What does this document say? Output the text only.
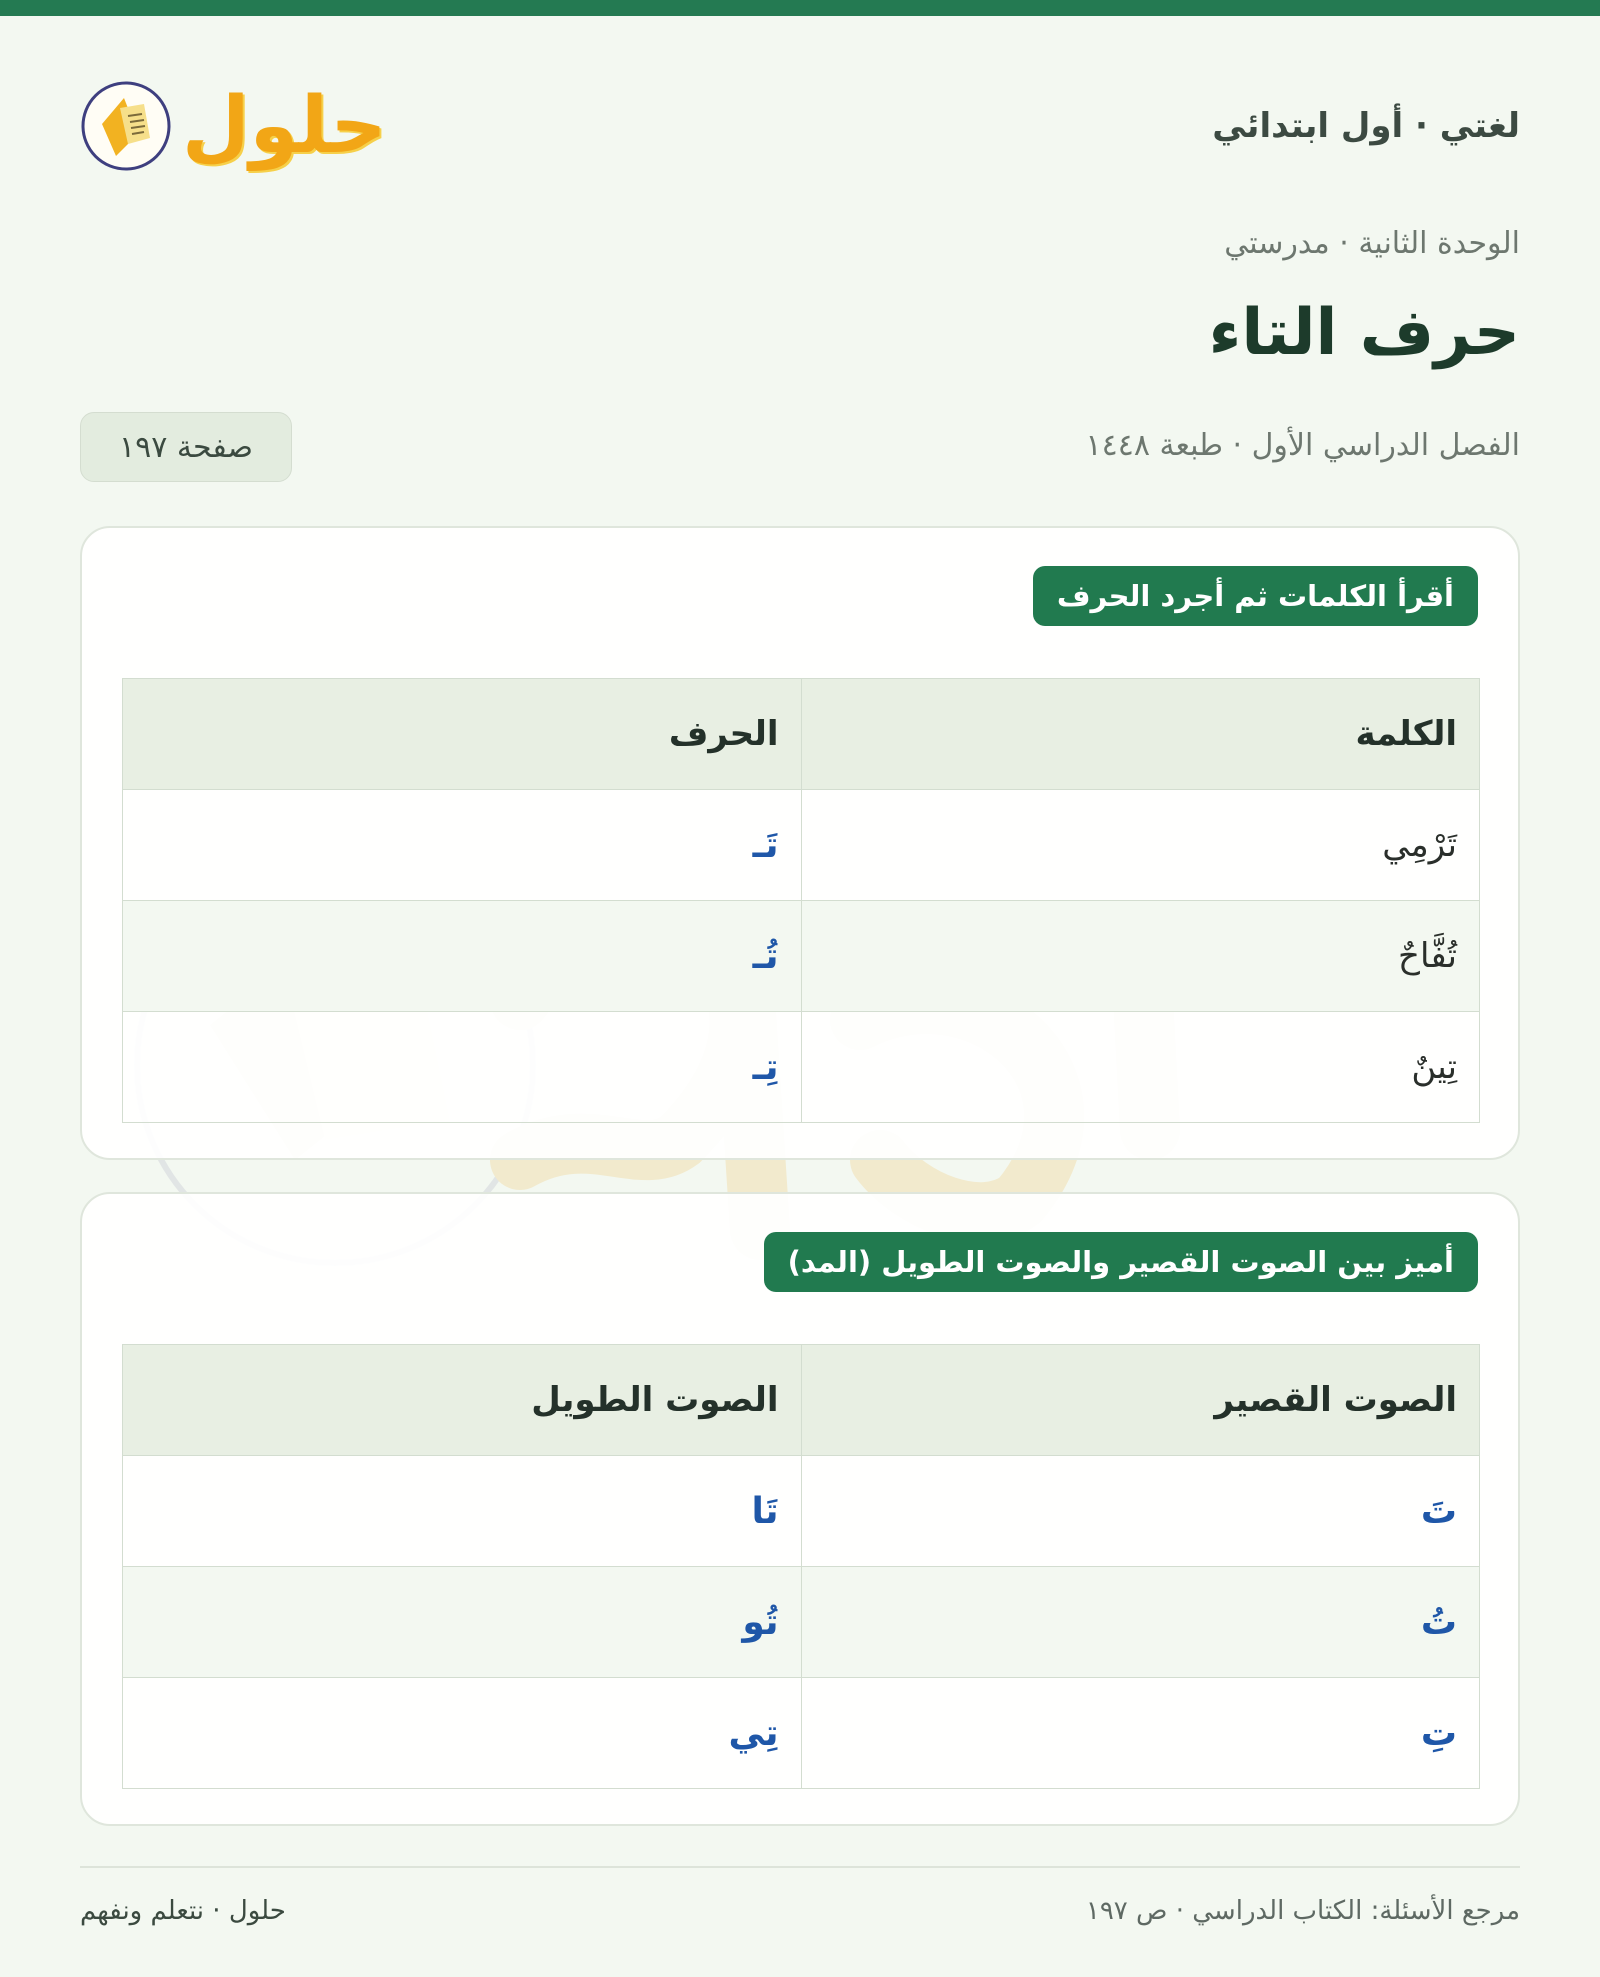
لغتي · أول ابتدائي
حلول
الوحدة الثانية · مدرستي
حرف التاء
الفصل الدراسي الأول · طبعة ١٤٤٨
صفحة ١٩٧
أقرأ الكلمات ثم أجرد الحرف
الكلمة	الحرف
تَرْمِي	تَـ
تُفَّاحٌ	تُـ
تِينٌ	تِـ
أميز بين الصوت القصير والصوت الطويل (المد)
الصوت القصير	الصوت الطويل
تَ	تَا
تُ	تُو
تِ	تِي
مرجع الأسئلة: الكتاب الدراسي · ص ١٩٧
حلول · نتعلم ونفهم
